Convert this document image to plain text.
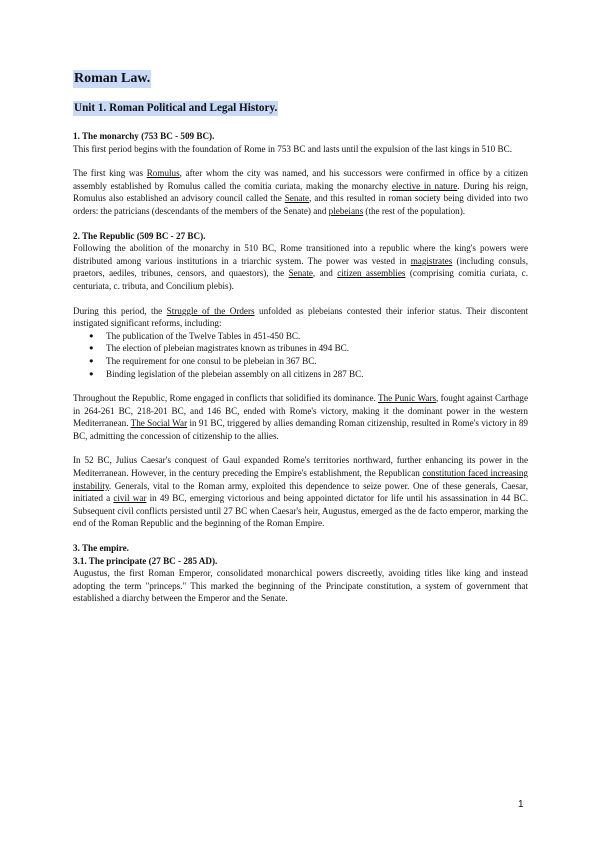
Roman Law.
Unit 1. Roman Political and Legal History.

1. The monarchy (753 BC - 509 BC).

This first period begins with the foundation of Rome in 753 BC and lasts until the expulsion of the last kings in 510 BC.

The first king was Romulus, after whom the city was named, and his successors were confirmed in office by a citizen assembly established by Romulus called the comitia curiata, making the monarchy elective in nature. During his reign, Romulus also established an advisory council called the Senate, and this resulted in roman society being divided into two orders: the patricians (descendants of the members of the Senate) and plebeians (the rest of the population).

2. The Republic (509 BC - 27 BC).

Following the abolition of the monarchy in 510 BC, Rome transitioned into a republic where the king's powers were distributed among various institutions in a triarchic system. The power was vested in magistrates (including consuls, praetors, aediles, tribunes, censors, and quaestors), the Senate, and citizen assemblies (comprising comitia curiata, c. centuriata, c. tributa, and Concilium plebis).

During this period, the Struggle of the Orders unfolded as plebeians contested their inferior status. Their discontent instigated significant reforms, including:

● The publication of the Twelve Tables in 451-450 BC.
● The election of plebeian magistrates known as tribunes in 494 BC.
● The requirement for one consul to be plebeian in 367 BC.
● Binding legislation of the plebeian assembly on all citizens in 287 BC.

Throughout the Republic, Rome engaged in conflicts that solidified its dominance. The Punic Wars, fought against Carthage in 264-261 BC, 218-201 BC, and 146 BC, ended with Rome's victory, making it the dominant power in the western Mediterranean. The Social War in 91 BC, triggered by allies demanding Roman citizenship, resulted in Rome's victory in 89 BC, admitting the concession of citizenship to the allies.

In 52 BC, Julius Caesar's conquest of Gaul expanded Rome's territories northward, further enhancing its power in the Mediterranean. However, in the century preceding the Empire's establishment, the Republican constitution faced increasing instability. Generals, vital to the Roman army, exploited this dependence to seize power. One of these generals, Caesar, initiated a civil war in 49 BC, emerging victorious and being appointed dictator for life until his assassination in 44 BC. Subsequent civil conflicts persisted until 27 BC when Caesar's heir, Augustus, emerged as the de facto emperor, marking the end of the Roman Republic and the beginning of the Roman Empire.

3. The empire.

3.1. The principate (27 BC - 285 AD).

Augustus, the first Roman Emperor, consolidated monarchical powers discreetly, avoiding titles like king and instead adopting the term "princeps." This marked the beginning of the Principate constitution, a system of government that established a diarchy between the Emperor and the Senate.

1
